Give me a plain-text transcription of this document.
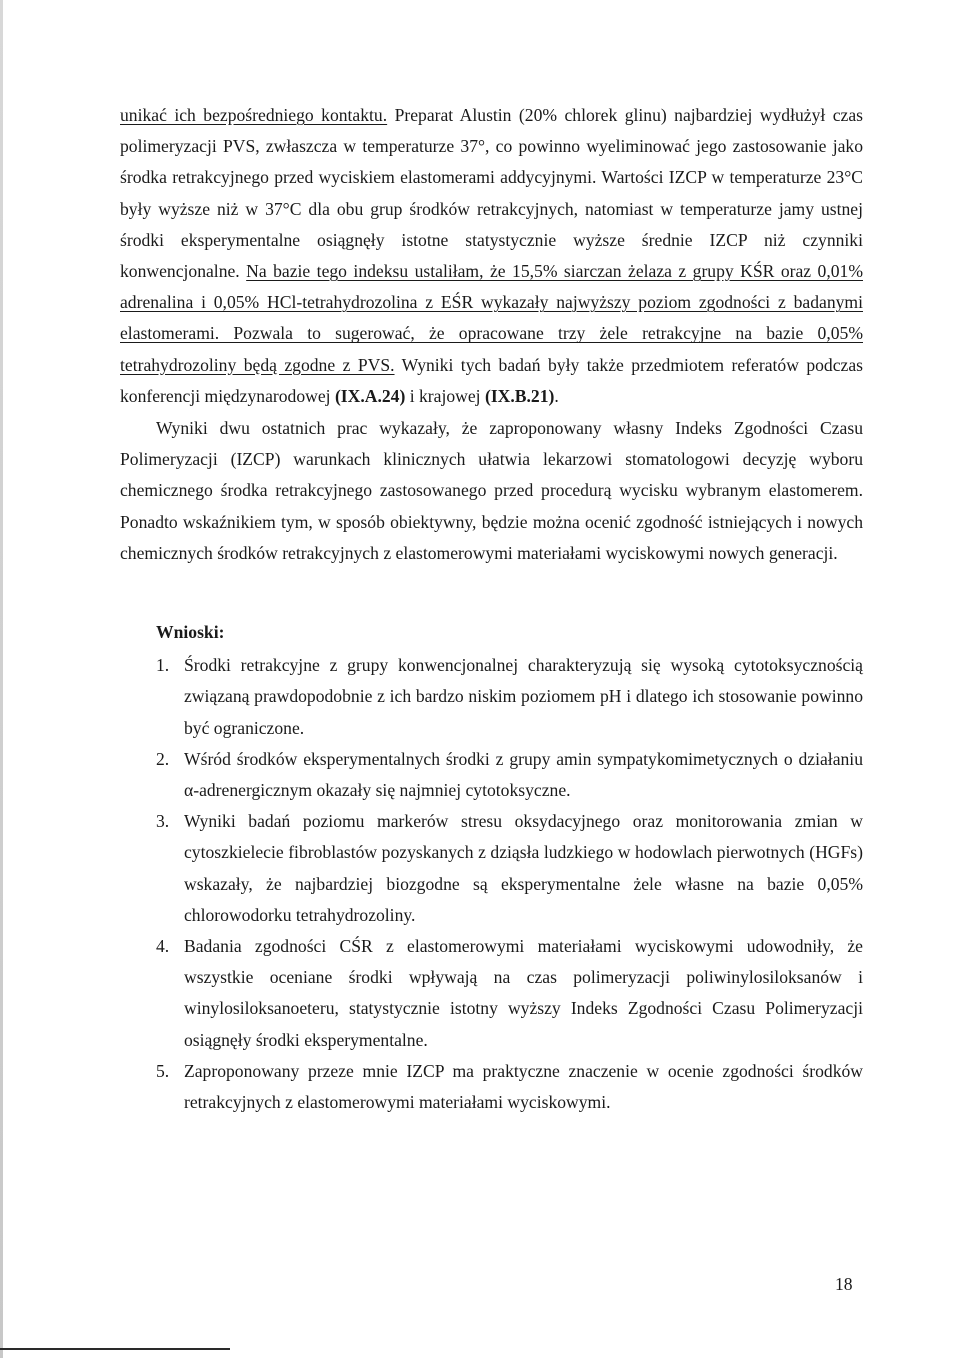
unikać ich bezpośredniego kontaktu. Preparat Alustin (20% chlorek glinu) najbardziej wydłużył czas polimeryzacji PVS, zwłaszcza w temperaturze 37°, co powinno wyeliminować jego zastosowanie jako środka retrakcyjnego przed wyciskiem elastomerami addycyjnymi. Wartości IZCP w temperaturze 23°C były wyższe niż w 37°C dla obu grup środków retrakcyjnych, natomiast w temperaturze jamy ustnej środki eksperymentalne osiągnęły istotne statystycznie wyższe średnie IZCP niż czynniki konwencjonalne. Na bazie tego indeksu ustaliłam, że 15,5% siarczan żelaza z grupy KŚR oraz 0,01% adrenalina i 0,05% HCl-tetrahydrozolina z EŚR wykazały najwyższy poziom zgodności z badanymi elastomerami. Pozwala to sugerować, że opracowane trzy żele retrakcyjne na bazie 0,05% tetrahydrozoliny będą zgodne z PVS. Wyniki tych badań były także przedmiotem referatów podczas konferencji międzynarodowej (IX.A.24) i krajowej (IX.B.21).

Wyniki dwu ostatnich prac wykazały, że zaproponowany własny Indeks Zgodności Czasu Polimeryzacji (IZCP) warunkach klinicznych ułatwia lekarzowi stomatologowi decyzję wyboru chemicznego środka retrakcyjnego zastosowanego przed procedurą wycisku wybranym elastomerem. Ponadto wskaźnikiem tym, w sposób obiektywny, będzie można ocenić zgodność istniejących i nowych chemicznych środków retrakcyjnych z elastomerowymi materiałami wyciskowymi nowych generacji.

Wnioski:
1. Środki retrakcyjne z grupy konwencjonalnej charakteryzują się wysoką cytotoksycznością związaną prawdopodobnie z ich bardzo niskim poziomem pH i dlatego ich stosowanie powinno być ograniczone.
2. Wśród środków eksperymentalnych środki z grupy amin sympatykomimetycznych o działaniu α-adrenergicznym okazały się najmniej cytotoksyczne.
3. Wyniki badań poziomu markerów stresu oksydacyjnego oraz monitorowania zmian w cytoszkielecie fibroblastów pozyskanych z dziąsła ludzkiego w hodowlach pierwotnych (HGFs) wskazały, że najbardziej biozgodne są eksperymentalne żele własne na bazie 0,05% chlorowodorku tetrahydrozoliny.
4. Badania zgodności CŚR z elastomerowymi materiałami wyciskowymi udowodniły, że wszystkie oceniane środki wpływają na czas polimeryzacji poliwinylosiloksanów i winylosiloksanoeteru, statystycznie istotny wyższy Indeks Zgodności Czasu Polimeryzacji osiągnęły środki eksperymentalne.
5. Zaproponowany przeze mnie IZCP ma praktyczne znaczenie w ocenie zgodności środków retrakcyjnych z elastomerowymi materiałami wyciskowymi.
18
